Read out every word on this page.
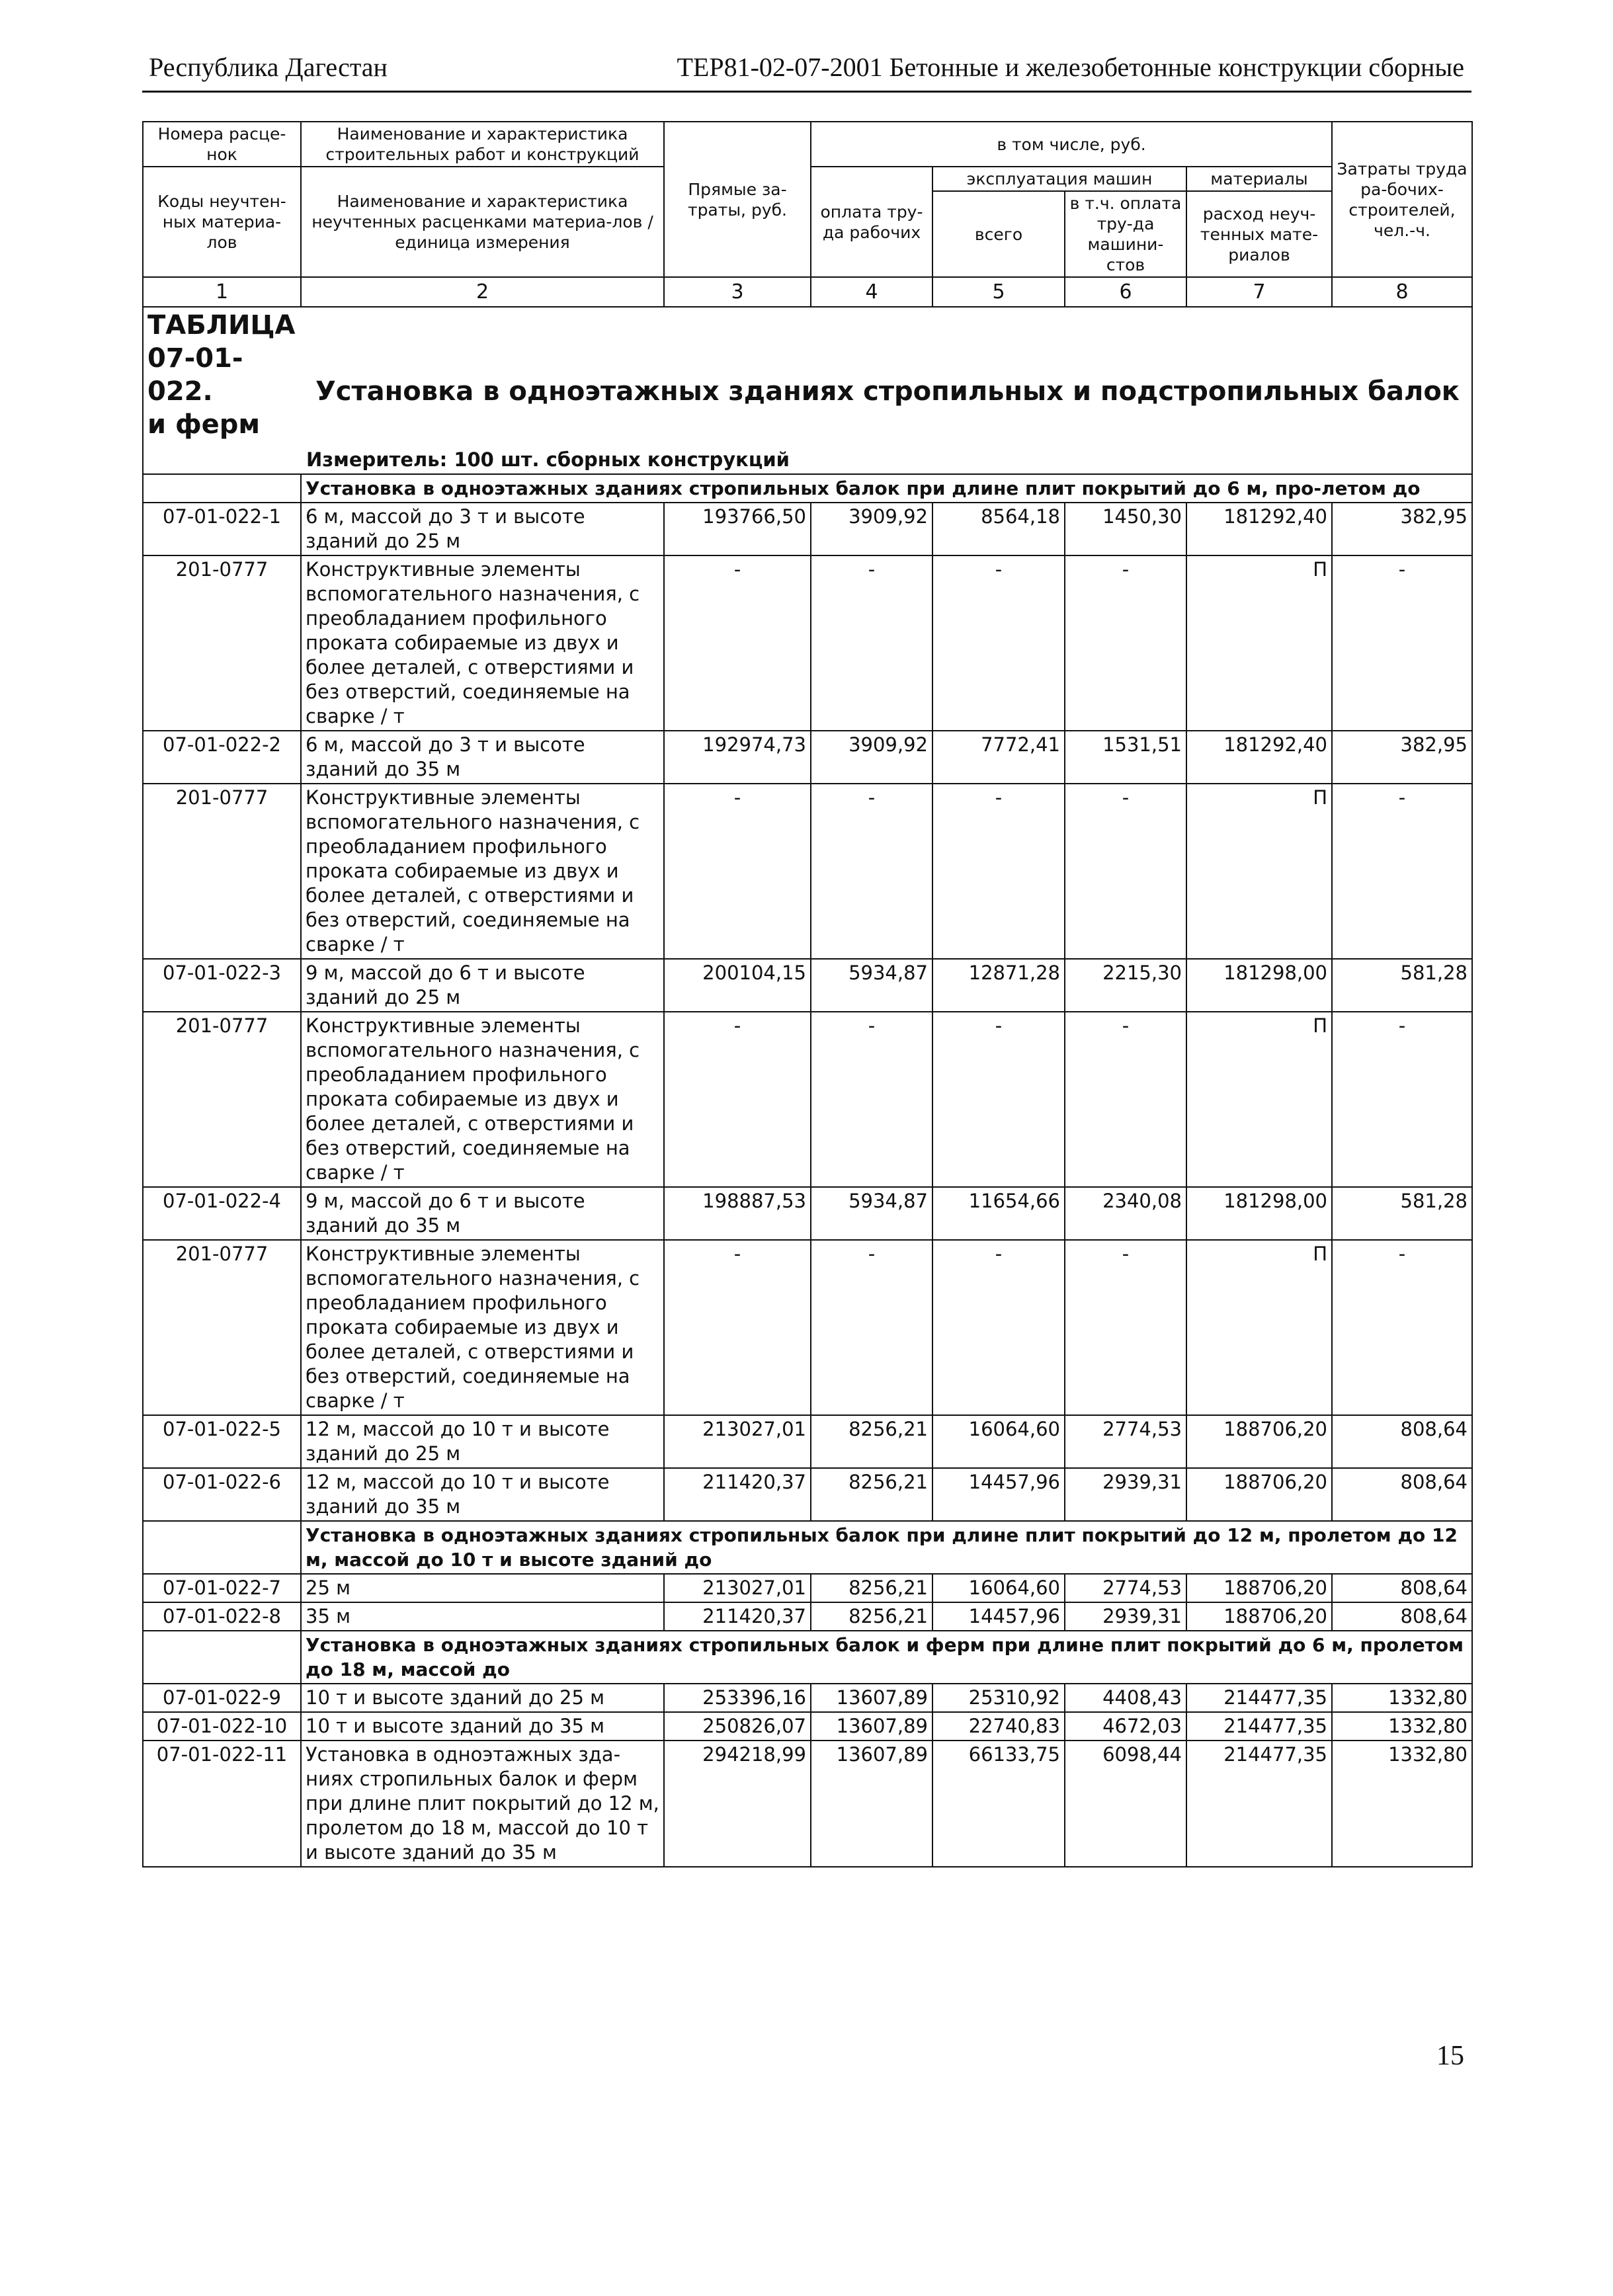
Республика Дагестан	ТЕР81-02-07-2001 Бетонные и железобетонные конструкции сборные
Номера расце-нок	Наименование и характеристика строительных работ и конструкций	Прямые за-траты, руб.	в том числе, руб.				Затраты труда ра-бочих-строителей, чел.-ч.
Коды неучтен-ных материа-лов	Наименование и характеристика неучтенных расценками материа-лов / единица измерения		оплата тру-да рабочих	эксплуатация машин		материалы	
				всего	в т.ч. оплата тру-да машини-стов	расход неуч-тенных мате-риалов	
1	2	3	4	5	6	7	8

ТАБЛИЦА 07-01-022. Установка в одноэтажных зданиях стропильных и подстропильных балок и ферм
Измеритель: 100 шт. сборных конструкций							

	Установка в одноэтажных зданиях стропильных балок при длине плит покрытий до 6 м, про-летом до						
07-01-022-1	6 м, массой до 3 т и высоте зданий до 25 м	193766,50	3909,92	8564,18	1450,30	181292,40	382,95
201-0777	Конструктивные элементы вспомогательного назначения, с преобладанием профильного проката собираемые из двух и более деталей, с отверстиями и без отверстий, соединяемые на сварке / т	-	-	-	-	П	-
07-01-022-2	6 м, массой до 3 т и высоте зданий до 35 м	192974,73	3909,92	7772,41	1531,51	181292,40	382,95
201-0777	Конструктивные элементы вспомогательного назначения, с преобладанием профильного проката собираемые из двух и более деталей, с отверстиями и без отверстий, соединяемые на сварке / т	-	-	-	-	П	-
07-01-022-3	9 м, массой до 6 т и высоте зданий до 25 м	200104,15	5934,87	12871,28	2215,30	181298,00	581,28
201-0777	Конструктивные элементы вспомогательного назначения, с преобладанием профильного проката собираемые из двух и более деталей, с отверстиями и без отверстий, соединяемые на сварке / т	-	-	-	-	П	-
07-01-022-4	9 м, массой до 6 т и высоте зданий до 35 м	198887,53	5934,87	11654,66	2340,08	181298,00	581,28
201-0777	Конструктивные элементы вспомогательного назначения, с преобладанием профильного проката собираемые из двух и более деталей, с отверстиями и без отверстий, соединяемые на сварке / т	-	-	-	-	П	-
07-01-022-5	12 м, массой до 10 т и высоте зданий до 25 м	213027,01	8256,21	16064,60	2774,53	188706,20	808,64
07-01-022-6	12 м, массой до 10 т и высоте зданий до 35 м	211420,37	8256,21	14457,96	2939,31	188706,20	808,64
	Установка в одноэтажных зданиях стропильных балок при длине плит покрытий до 12 м, пролетом до 12 м, массой до 10 т и высоте зданий до						
07-01-022-7	25 м	213027,01	8256,21	16064,60	2774,53	188706,20	808,64
07-01-022-8	35 м	211420,37	8256,21	14457,96	2939,31	188706,20	808,64
	Установка в одноэтажных зданиях стропильных балок и ферм при длине плит покрытий до 6 м, пролетом до 18 м, массой до						
07-01-022-9	10 т и высоте зданий до 25 м	253396,16	13607,89	25310,92	4408,43	214477,35	1332,80
07-01-022-10	10 т и высоте зданий до 35 м	250826,07	13607,89	22740,83	4672,03	214477,35	1332,80
07-01-022-11	Установка в одноэтажных зда-ниях стропильных балок и ферм при длине плит покрытий до 12 м, пролетом до 18 м, массой до 10 т и высоте зданий до 35 м	294218,99	13607,89	66133,75	6098,44	214477,35	1332,80
15
